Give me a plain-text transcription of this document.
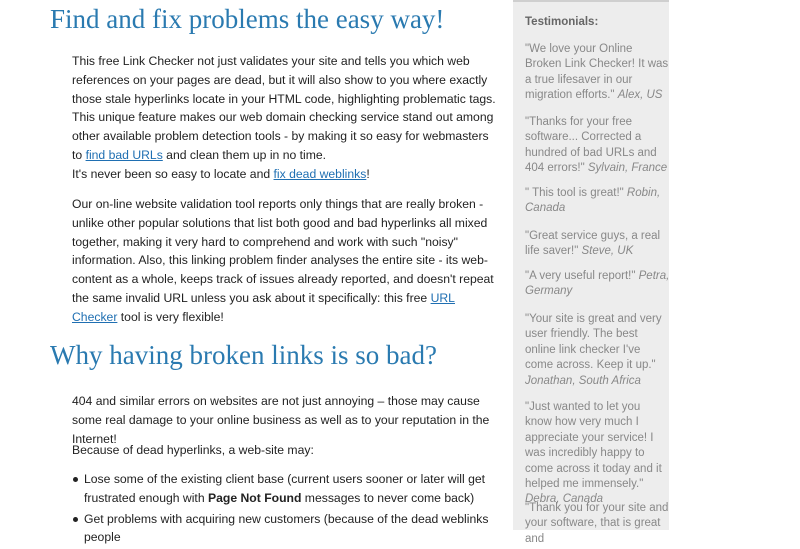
Find and fix problems the easy way!

This free Link Checker not just validates your site and tells you which web references on your pages are dead, but it will also show to you where exactly those stale hyperlinks locate in your HTML code, highlighting problematic tags. This unique feature makes our web domain checking service stand out among other available problem detection tools - by making it so easy for webmasters to find bad URLs and clean them up in no time.
It's never been so easy to locate and fix dead weblinks!

Our on-line website validation tool reports only things that are really broken - unlike other popular solutions that list both good and bad hyperlinks all mixed together, making it very hard to comprehend and work with such "noisy" information. Also, this linking problem finder analyses the entire site - its web-content as a whole, keeps track of issues already reported, and doesn't repeat the same invalid URL unless you ask about it specifically: this free URL Checker tool is very flexible!

Why having broken links is so bad?

404 and similar errors on websites are not just annoying – those may cause some real damage to your online business as well as to your reputation in the Internet!

Because of dead hyperlinks, a web-site may:

Lose some of the existing client base (current users sooner or later will get frustrated enough with Page Not Found messages to never come back)
Get problems with acquiring new customers (because of the dead weblinks people
Testimonials:

"We love your Online Broken Link Checker! It was a true lifesaver in our migration efforts." Alex, US

"Thanks for your free software... Corrected a hundred of bad URLs and 404 errors!" Sylvain, France

" This tool is great!" Robin, Canada

"Great service guys, a real life saver!" Steve, UK

"A very useful report!" Petra, Germany

"Your site is great and very user friendly. The best online link checker I've come across. Keep it up." Jonathan, South Africa

"Just wanted to let you know how very much I appreciate your service! I was incredibly happy to come across it today and it helped me immensely." Debra, Canada

"Thank you for your site and your software, that is great and
